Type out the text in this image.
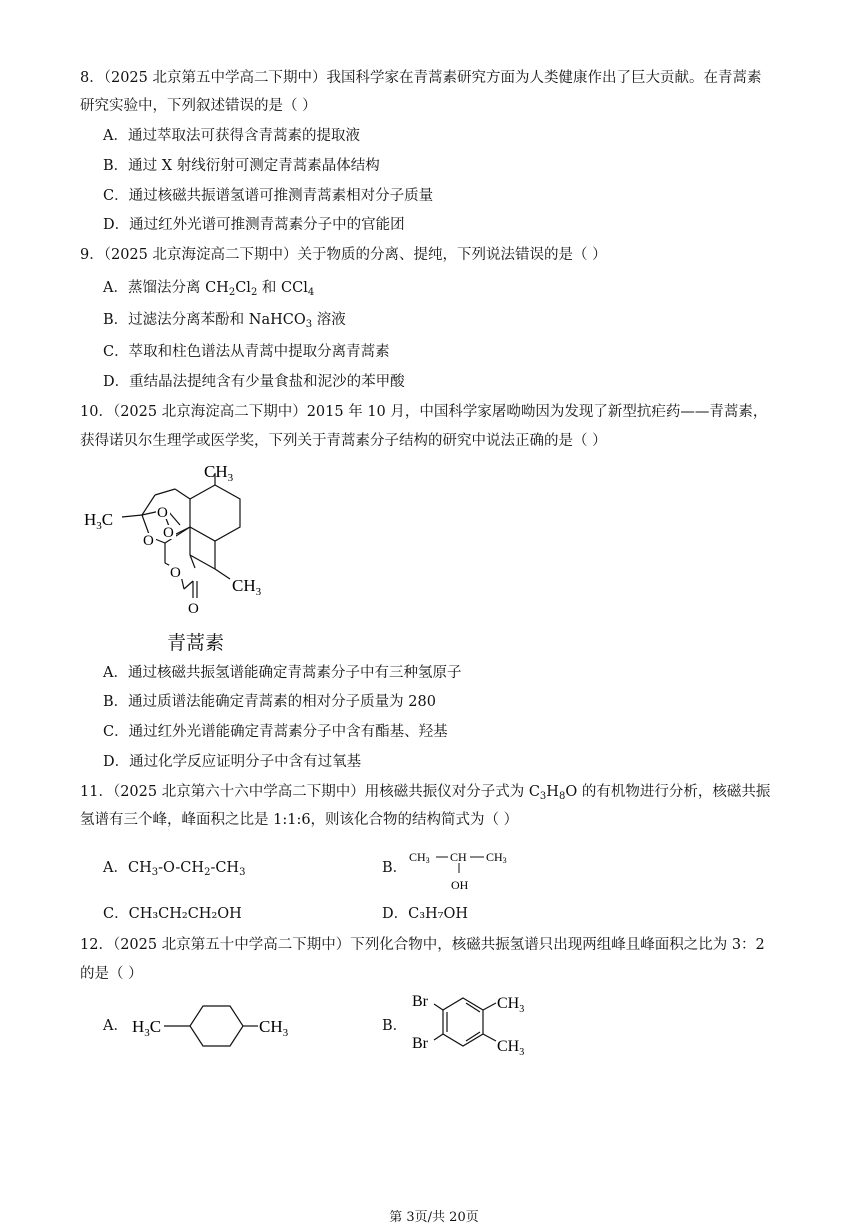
8．（2025 北京第五中学高二下期中）我国科学家在青蒿素研究方面为人类健康作出了巨大贡献。在青蒿素
研究实验中，下列叙述错误的是（ ）
A．通过萃取法可获得含青蒿素的提取液
B．通过 X 射线衍射可测定青蒿素晶体结构
C．通过核磁共振谱氢谱可推测青蒿素相对分子质量
D．通过红外光谱可推测青蒿素分子中的官能团
9．（2025 北京海淀高二下期中）关于物质的分离、提纯，下列说法错误的是（ ）
A．蒸馏法分离 $CH_2Cl_2$ 和 CCl$_4$
B．过滤法分离苯酚和 NaHCO$_3$ 溶液
C．萃取和柱色谱法从青蒿中提取分离青蒿素
D．重结晶法提纯含有少量食盐和泥沙的苯甲酸
10．（2025 北京海淀高二下期中）2015 年 10 月，中国科学家屠呦呦因为发现了新型抗疟药——青蒿素，
获得诺贝尔生理学或医学奖，下列关于青蒿素分子结构的研究中说法正确的是（ ）
$CH_3$
$H_3C$
$CH_3$
O
O
O
O
O
青蒿素
A．通过核磁共振氢谱能确定青蒿素分子中有三种氢原子
B．通过质谱法能确定青蒿素的相对分子质量为 280
C．通过红外光谱能确定青蒿素分子中含有酯基、羟基
D．通过化学反应证明分子中含有过氧基
11．（2025 北京第六十六中学高二下期中）用核磁共振仪对分子式为 $C_3H_8O$ 的有机物进行分析，核磁共振
氢谱有三个峰，峰面积之比是 1:1:6，则该化合物的结构简式为（ ）
A．$CH_3-O-CH_2-CH_3$	B．
CH3 CH CH3
OH
C．CH₃CH₂CH₂OH	D．C₃H₇OH
12．（2025 北京第五十中学高二下期中）下列化合物中，核磁共振氢谱只出现两组峰且峰面积之比为 3：2
的是（ ）
A． $H_3C$	$CH_3$	B．
Br
Br
$CH_3$
$CH_3$
第 3页/共 20页
